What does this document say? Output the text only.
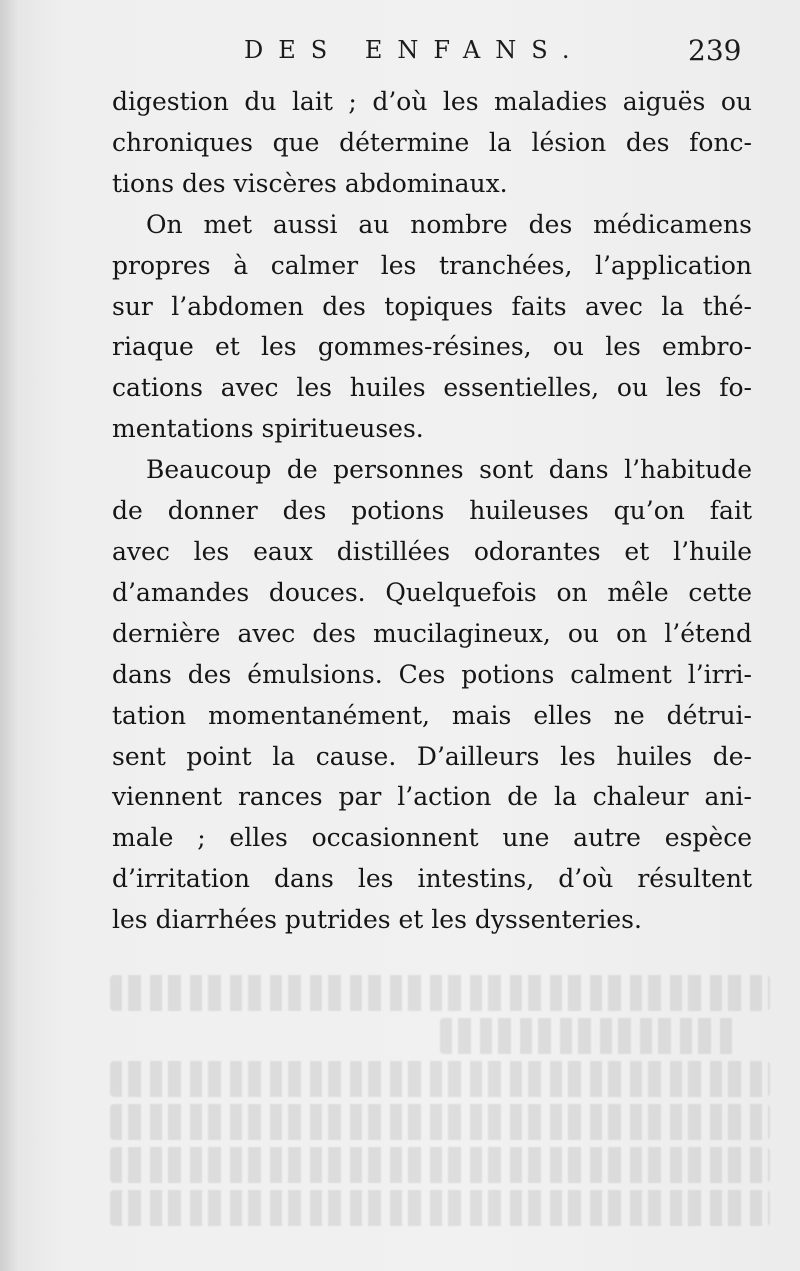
DES ENFANS.	239

digestion du lait ; d’où les maladies aiguës ou
chroniques que détermine la lésion des fonc-
tions des viscères abdominaux.

On met aussi au nombre des médicamens
propres à calmer les tranchées, l’application
sur l’abdomen des topiques faits avec la thé-
riaque et les gommes-résines, ou les embro-
cations avec les huiles essentielles, ou les fo-
mentations spiritueuses.

Beaucoup de personnes sont dans l’habitude
de donner des potions huileuses qu’on fait
avec les eaux distillées odorantes et l’huile
d’amandes douces. Quelquefois on mêle cette
dernière avec des mucilagineux, ou on l’étend
dans des émulsions. Ces potions calment l’irri-
tation momentanément, mais elles ne détrui-
sent point la cause. D’ailleurs les huiles de-
viennent rances par l’action de la chaleur ani-
male ; elles occasionnent une autre espèce
d’irritation dans les intestins, d’où résultent
les diarrhées putrides et les dyssenteries.
